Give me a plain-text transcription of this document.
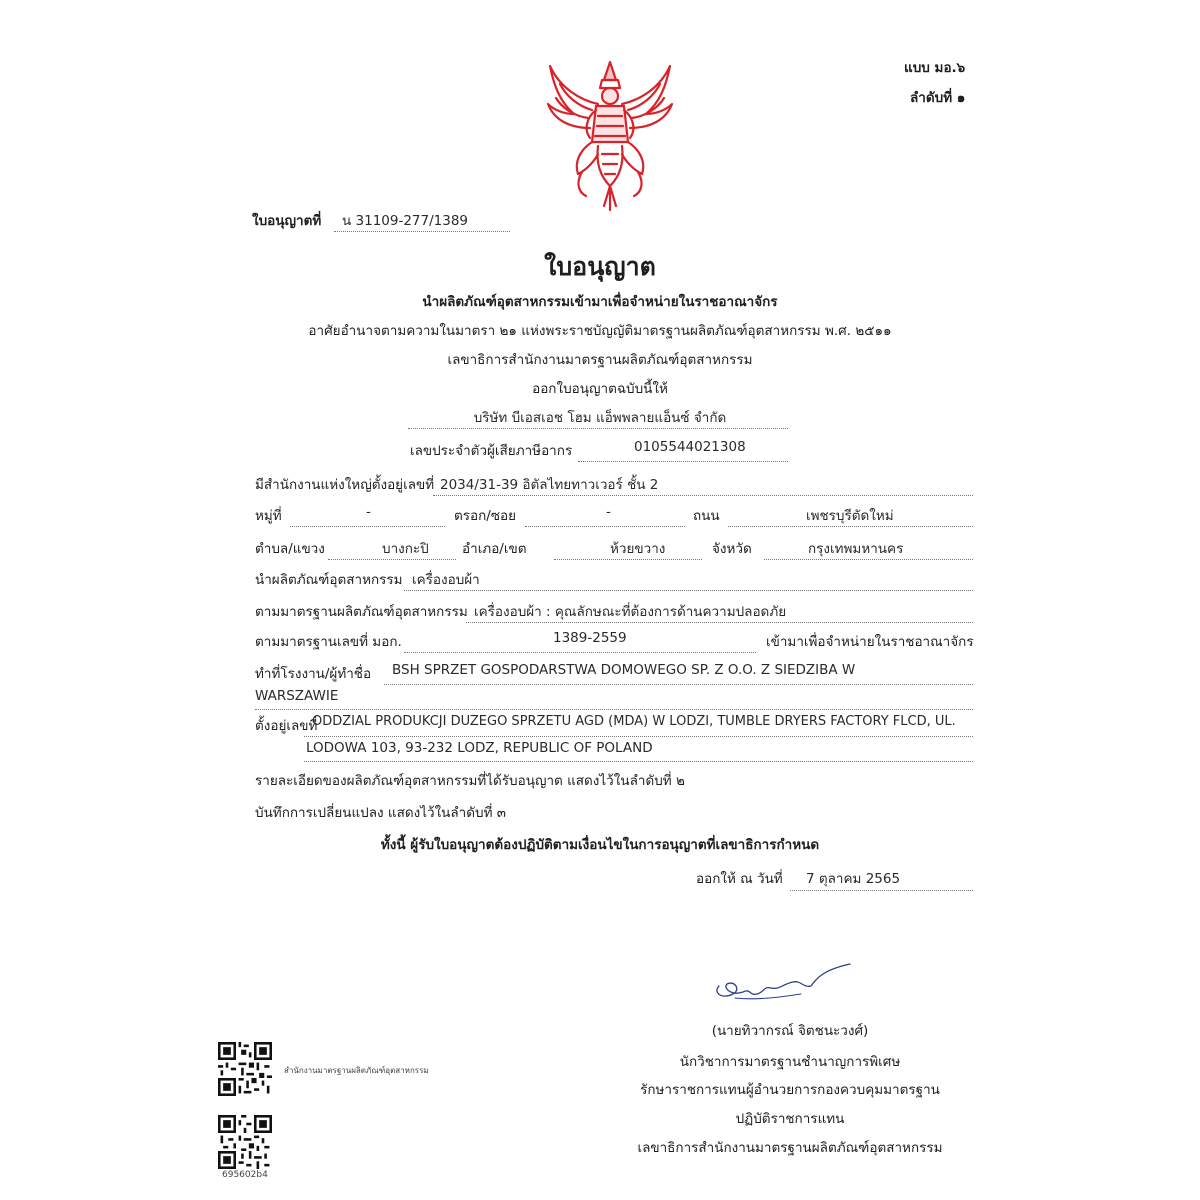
แบบ มอ.๖
ลำดับที่ ๑
ใบอนุญาตที่ น 31109-277/1389
ใบอนุญาต
นำผลิตภัณฑ์อุตสาหกรรมเข้ามาเพื่อจำหน่ายในราชอาณาจักร
อาศัยอำนาจตามความในมาตรา ๒๑ แห่งพระราชบัญญัติมาตรฐานผลิตภัณฑ์อุตสาหกรรม พ.ศ. ๒๕๑๑
เลขาธิการสำนักงานมาตรฐานผลิตภัณฑ์อุตสาหกรรม
ออกใบอนุญาตฉบับนี้ให้
บริษัท บีเอสเอช โฮม แอ็พพลายแอ็นซ์ จำกัด
เลขประจำตัวผู้เสียภาษีอากร	0105544021308
มีสำนักงานแห่งใหญ่ตั้งอยู่เลขที่ 2034/31-39 อิตัลไทยทาวเวอร์ ชั้น 2
หมู่ที่	-	ตรอก/ซอย	-	ถนน	เพชรบุรีตัดใหม่
ตำบล/แขวง	บางกะปิ อำเภอ/เขต	ห้วยขวาง	จังหวัด	กรุงเทพมหานคร
นำผลิตภัณฑ์อุตสาหกรรม เครื่องอบผ้า
ตามมาตรฐานผลิตภัณฑ์อุตสาหกรรม เครื่องอบผ้า : คุณลักษณะที่ต้องการด้านความปลอดภัย
ตามมาตรฐานเลขที่ มอก.	1389-2559	เข้ามาเพื่อจำหน่ายในราชอาณาจักร
ทำที่โรงงาน/ผู้ทำชื่อ BSH SPRZET GOSPODARSTWA DOMOWEGO SP. Z O.O. Z SIEDZIBA W
WARSZAWIE
ตั้งอยู่เลขที่
ODDZIAL PRODUKCJI DUZEGO SPRZETU AGD (MDA) W LODZI, TUMBLE DRYERS FACTORY FLCD, UL.
LODOWA 103, 93-232 LODZ, REPUBLIC OF POLAND
รายละเอียดของผลิตภัณฑ์อุตสาหกรรมที่ได้รับอนุญาต แสดงไว้ในลำดับที่ ๒
บันทึกการเปลี่ยนแปลง แสดงไว้ในลำดับที่ ๓
ทั้งนี้ ผู้รับใบอนุญาตต้องปฏิบัติตามเงื่อนไขในการอนุญาตที่เลขาธิการกำหนด
ออกให้ ณ วันที่ 7 ตุลาคม 2565
(นายทิวากรณ์ จิตชนะวงศ์)
นักวิชาการมาตรฐานชำนาญการพิเศษ
รักษาราชการแทนผู้อำนวยการกองควบคุมมาตรฐาน
ปฏิบัติราชการแทน
เลขาธิการสำนักงานมาตรฐานผลิตภัณฑ์อุตสาหกรรม
สำนักงานมาตรฐานผลิตภัณฑ์อุตสาหกรรม
695602b4
